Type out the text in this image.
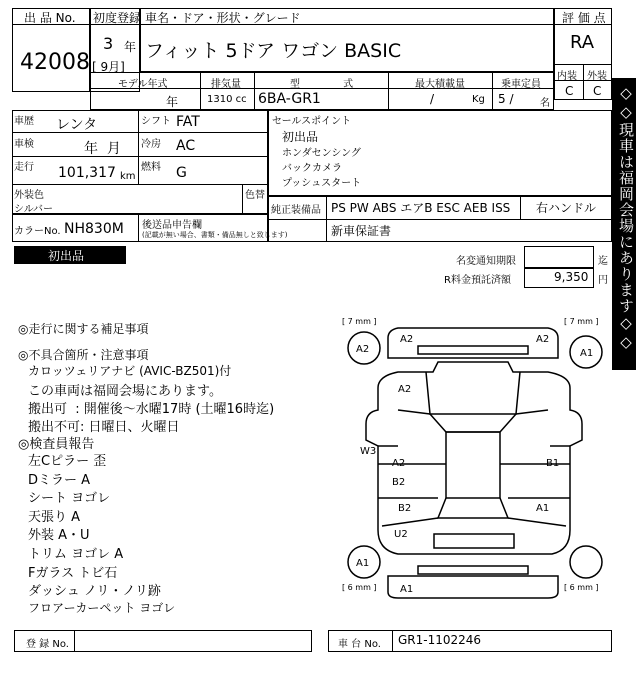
出 品 No.
42008
初度登録
3 年
[ 9月]
車名・ドア・形状・グレード
フィット 5ドア ワゴン BASIC
評 価 点
RA
内装 外装
C C
モデル年式
年
排気量
1310 cc
型 式
6BA-GR1
最大積載量
/	Kg
乗車定員
5 /	名
車歴 レンタ	シフト FAT
車検	年  月 冷房 AC
走行 101,317 km
燃料 G
外装色
シルバー
色替
カラーNo. NH830M 後送品申告欄
(記載が無い場合、書類・備品無しと致します)
セールスポイント
初出品
ホンダセンシング
バックカメラ
プッシュスタート
純正装備品 PS PW ABS エアB ESC AEB ISS 右ハンドル
新車保証書
初出品	名変通知期限	迄
R料金預託済額	9,350 円
◎走行に関する補足事項
◎不具合箇所・注意事項
カロッツェリアナビ (AVIC-BZ501)付
この車両は福岡会場にあります。
搬出可  : 開催後～水曜17時 (土曜16時迄)
搬出不可: 日曜日、火曜日
◎検査員報告
左Cピラー 歪
Dミラー A
シート ヨゴレ
天張り A
外装 A・U
トリム ヨゴレ A
Fガラス トビ石
ダッシュ ノリ・ノリ跡
フロアーカーペット ヨゴレ
◇◇現車は福岡会場にあります◇◇
[ 7 mm ]	[ 7 mm ]
[ 6 mm ]	[ 6 mm ]
A2	A1
A2	A2
A2
W3
A2
B2
B1
B2	A1
U2
A1
A1
登 録 No.	車 台 No. GR1-1102246
